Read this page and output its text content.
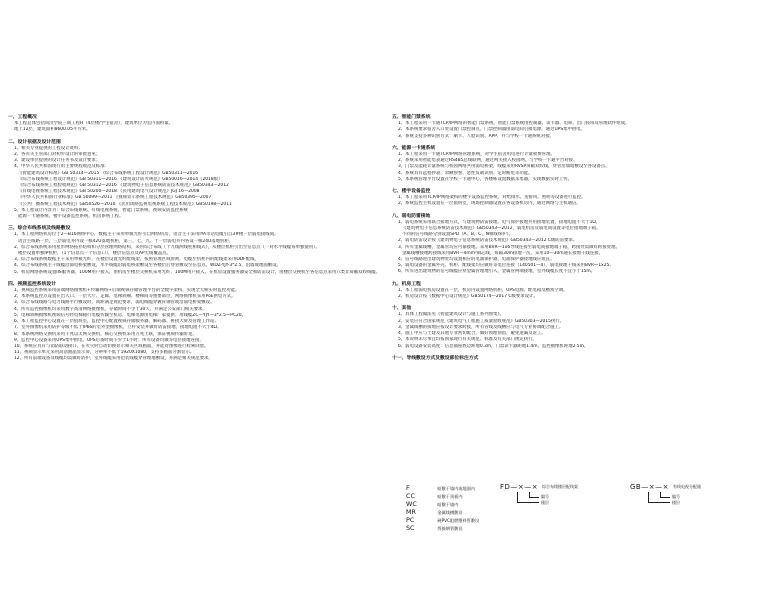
一、工程概况
本工程总体包括同济学院三期工程H（4层楼/学生宿舍），建筑单位为室内面积量。
地上12层，建筑面积8600.05平方米。
二、设计依据及设计范围
1、相关专业提供的工程设计资料；
2、各有关主管部门对初步设计的审批意见；
3、建设单位提供的设计任务书及设计要求；
4、中华人民共和国现行的主要规程规范及标准：
《智能建筑设计标准》GB 50314—2015 《综合布线系统工程设计规范》GB50311—2016
《综合布线系统工程设计规范》GB 50311—2016 《建筑设计防火规范》GB50016—2014（2018版）
《综合布线系统工程验收规范》GB 50312—2016 《建筑物电子信息系统防雷技术规范》GB50343—2012
《有线电视系统工程技术规范》GB 50200—2018 《民用建筑电气设计规范》JGJ 16—2008
《中华人民共和国行业标准》GB 50099—2011 《视频显示系统工程技术规范》GB50395—2007
《公共广播系统工程技术规范》GB50526—2010 《民用闭路监视电视系统工程技术规范》GB50198—2011
5、本工程设计内容为：综合布线系统、有线电视系统、智能门禁系统、视频安防监控系统
能源一卡通系统、楼宇设备监控系统、机房系统工程。
三、综合布线系统及线路敷设
1、本工程网络机房位于2—B16网络中心，数据主干采用单模光纤引自网络机房，语音主干采用IYA市话电缆引自3#楼一层弱电接线间。
语音主线路一层，三层弱电井内设一根42U落地机柜，第三、七、九、十一层弱电井内各设一根24U落地机柜。
2、综合布线系统采用星形网络拓扑结构和分层管理网络结构，采用综合布线（十九线两线柱相线式），从楼层机柜引出至信息点（一对水平线缆每单独使用）。
楼层设置单独IP机柜，（1个信息点一个信息口），楼层信息点及AP无线覆盖点。
3、综合布线系统数据主干采用单模光纤，在楼层设置光纤配线架，按照管理区域原则，电缆至机柜内的配线架采用ODF配线，
4、综合布线系统主干线缆沿弱电桥架敷设，水平线缆沿弱电桥架敷设至各楼层后穿管敷设至信息点。WDZ-YJY-3*2.5，沿墙或地面敷设。
5、机房网络系统设置IIS服务器，100M用户接入，由机房至楼层交换机采用光纤、100M用户接入，在机房设置服务器安全和防雷设计，由楼层交换机至各信息点采用六类非屏蔽双绞线缆。
四、视频监控系统设计
1、视频监控系统采用前端网络摄像机+传输网络+后端视频存储管理平台的全数字架构，实现全天候实时监控功能。
2、本系统监控点设置在出入口、一层大厅、走廊、电梯轿厢、楼梯间等重要部位，网络摄像机采用PoE供电方式。
3、综合布线线路与电力线路平行敷设时，间距满足规范要求，弱电线缆穿镀锌钢管或沿弱电桥架敷设。
4、所有监控摄像机均采用数字高清网络摄像机，存储时间不少于30天，并满足公安部门相关要求。
5、电梯轿厢摄像机视频信号经电梯随行电缆传输至机房，电梯电源由电梯厂家提供；用线缆ZC—YJY—3*2.5—PC20。
6、本工程监控中心设置在一层值班室，监控中心配置视频存储服务器、解码器、拼接大屏及管理工作站。
7、室外摄像机采用防护等级不低于IP66的室外型摄像机，立杆安装并做好防雷接地，接地电阻不大于4Ω。
8、本系统网络交换机采用千兆以太网交换机，核心交换机采用万兆上联，保证视频传输带宽。
9、监控中心设备采用UPS集中供电，UPS后备时间不少于1小时；所有设备均做等电位接地连接。
10、系统应具有与消防联动接口，在火灾时自动切换显示相关区域画面，并能对图像进行检索回放。
11、视频显示单元采用高清液晶显示屏，分辨率不低于1920X1080，支持多画面分割显示。
12、所有前端设备及线缆均需做好防护，室外线缆采用铠装线缆穿管埋地敷设，并满足相关规范要求。
五、智能门禁系统
1、本工程采用一卡通TCP/IP网络的智能门禁系统，智能门禁系统由控制器、读卡器、电锁、出门按钮及管理软件组成。
2、本系统要求宿舍入口处设置门禁控制点，门禁控制器由弱电间引接电源，通过UPS集中供电。
3、系统支持多种识别方式：刷卡、人脸识别、APP，并与学校一卡通系统对接。
六、能源一卡通系统
1、本工程采用一卡通TCP/IP网络管理系统，对学生宿舍用电进行计量收费管理。
2、系统采用智能电表通过RS485总线联网，通过网关接入校园网，与学校一卡通平台对接。
3、门禁及能耗计量系统与校园网络共用弱电桥架，线缆采用RVSP屏蔽双绞线，穿管沿墙暗敷设至各设备点。
4、系统具有远程抄表、余额预警、恶性负载识别、定时断电等功能。
5、本系统管理平台设置在学校一卡通中心，各楼栋设置数据采集器，实现数据实时上传。
七、楼宇设备监控
1、本工程采用TCP/IP网络架构的楼宇设备监控系统，对给排水、送排风、照明等设备进行监控。
2、系统监控主机设置在一层值班室，现场控制器设置在各设备机房内，通过网络与主机通信。
八、弱电防雷接地
1、弱电系统采用联合接地方式，与建筑物防雷接地、电气保护接地共用接地装置，接地电阻不大于1Ω。
《建筑物电子信息系统防雷技术规范》GB50343—2012，弱电机房及弱电间设置等电位接地端子箱。
不同的信号线路分别设置SPD（A，B，C，N相线保护）。
2、弱电防雷设计按《建筑物电子信息系统防雷技术规范》GB50343—2012 C级防雷要求。
3、所有金属线槽、金属管均应可靠接地，采用BVR—1x6导线连接至弱电间接地端子箱，跨接处需做好跨接处理。
金属线槽接地跨接线采用BVR—4mm²铜芯线，每隔30m接地一次，采用10—30m通长接地干线连接。
4、信号线路进出建筑物处均设置相应的电涌保护器，电涌保护器接地线应短直。
5、弱电设备的金属外壳、机柜、配线架均应做好等电位连接（140501—4），弱电接地干线采用BVR—1x25。
6、所有进出建筑物的信号线缆应穿金属管埋地引入，金属管两端接地，室外线缆长度不宜小于15m。
九、机房工程
1、本工程弱电机房设置在一层，机房内设置网络机柜、UPS电源、配电箱及精密空调。
2、机房设计按《数据中心设计规范》GB50174—2017 C级要求设计。
十、其他
1、具体工程做法见《智能建筑设计与施工系列图集》。
2、安装应符合国家规范《建筑电气工程施工质量验收规范》GB50303—2015执行。
3、金属线槽的接地应按设计要求跨接，所有管线及线槽应与电气专业协调配合施工。
4、施工中应与土建及其他专业密切配合，做好预埋预留，避免遗漏及返工。
5、本说明未尽事宜均按国家现行有关规范、标准及有关部门规定执行。
6、弱电设备安装高度：信息插座底边距地0.3m，门禁读卡器距地1.4m，监控摄像机距地2.5m。
十一、导线敷设方式及敷设部位标注方式
F	暗敷于墙内或地面内
CC	暗敷于顶板内
WC	暗敷于墙内
MR	金属线槽敷设
PC	硬PVC阻燃塑料管敷设
SC	焊接钢管敷设
FD—×—× 综合布线楼层配线架
编号
楼层
GB—×—× 有线电视分配箱
编号
楼层
